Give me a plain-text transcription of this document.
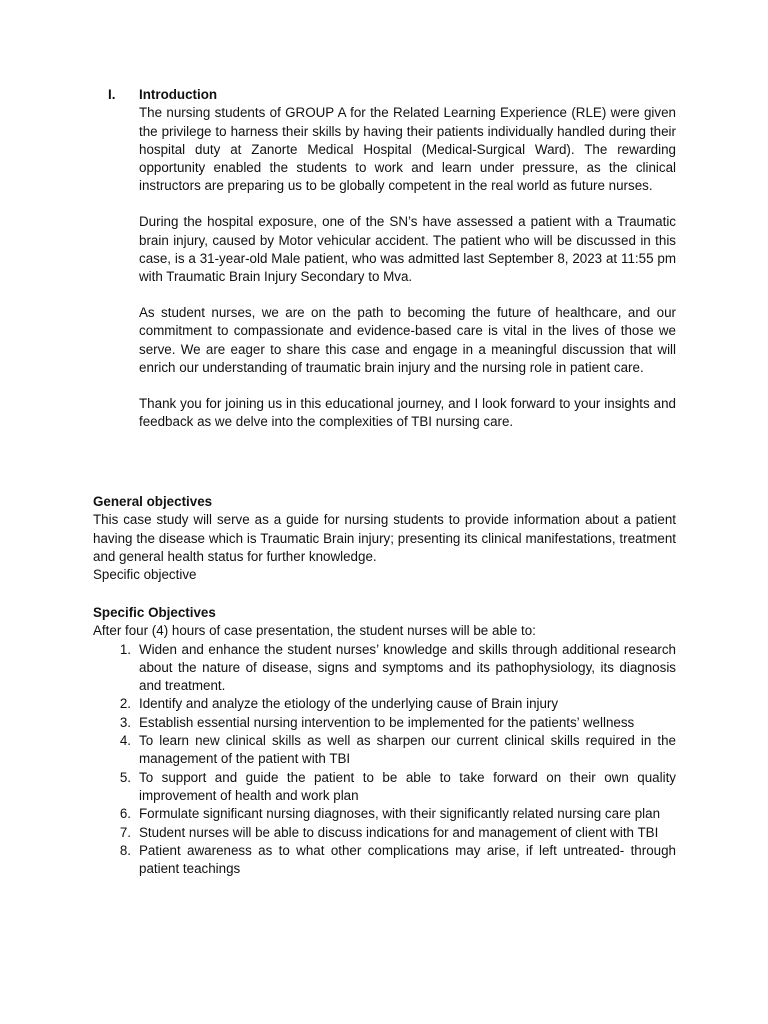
I.	Introduction

The nursing students of GROUP A for the Related Learning Experience (RLE) were given the privilege to harness their skills by having their patients individually handled during their hospital duty at Zanorte Medical Hospital (Medical-Surgical Ward). The rewarding opportunity enabled the students to work and learn under pressure, as the clinical instructors are preparing us to be globally competent in the real world as future nurses.

During the hospital exposure, one of the SN’s have assessed a patient with a Traumatic brain injury, caused by Motor vehicular accident. The patient who will be discussed in this case, is a 31-year-old Male patient, who was admitted last September 8, 2023 at 11:55 pm with Traumatic Brain Injury Secondary to Mva.

As student nurses, we are on the path to becoming the future of healthcare, and our commitment to compassionate and evidence-based care is vital in the lives of those we serve. We are eager to share this case and engage in a meaningful discussion that will enrich our understanding of traumatic brain injury and the nursing role in patient care.

Thank you for joining us in this educational journey, and I look forward to your insights and feedback as we delve into the complexities of TBI nursing care.

General objectives

This case study will serve as a guide for nursing students to provide information about a patient having the disease which is Traumatic Brain injury; presenting its clinical manifestations, treatment and general health status for further knowledge.

Specific objective
Specific Objectives
After four (4) hours of case presentation, the student nurses will be able to:
1. Widen and enhance the student nurses’ knowledge and skills through additional research about the nature of disease, signs and symptoms and its pathophysiology, its diagnosis and treatment.
2. Identify and analyze the etiology of the underlying cause of Brain injury
3. Establish essential nursing intervention to be implemented for the patients’ wellness
4. To learn new clinical skills as well as sharpen our current clinical skills required in the management of the patient with TBI
5. To support and guide the patient to be able to take forward on their own quality improvement of health and work plan
6. Formulate significant nursing diagnoses, with their significantly related nursing care plan
7. Student nurses will be able to discuss indications for and management of client with TBI
8. Patient awareness as to what other complications may arise, if left untreated- through patient teachings
